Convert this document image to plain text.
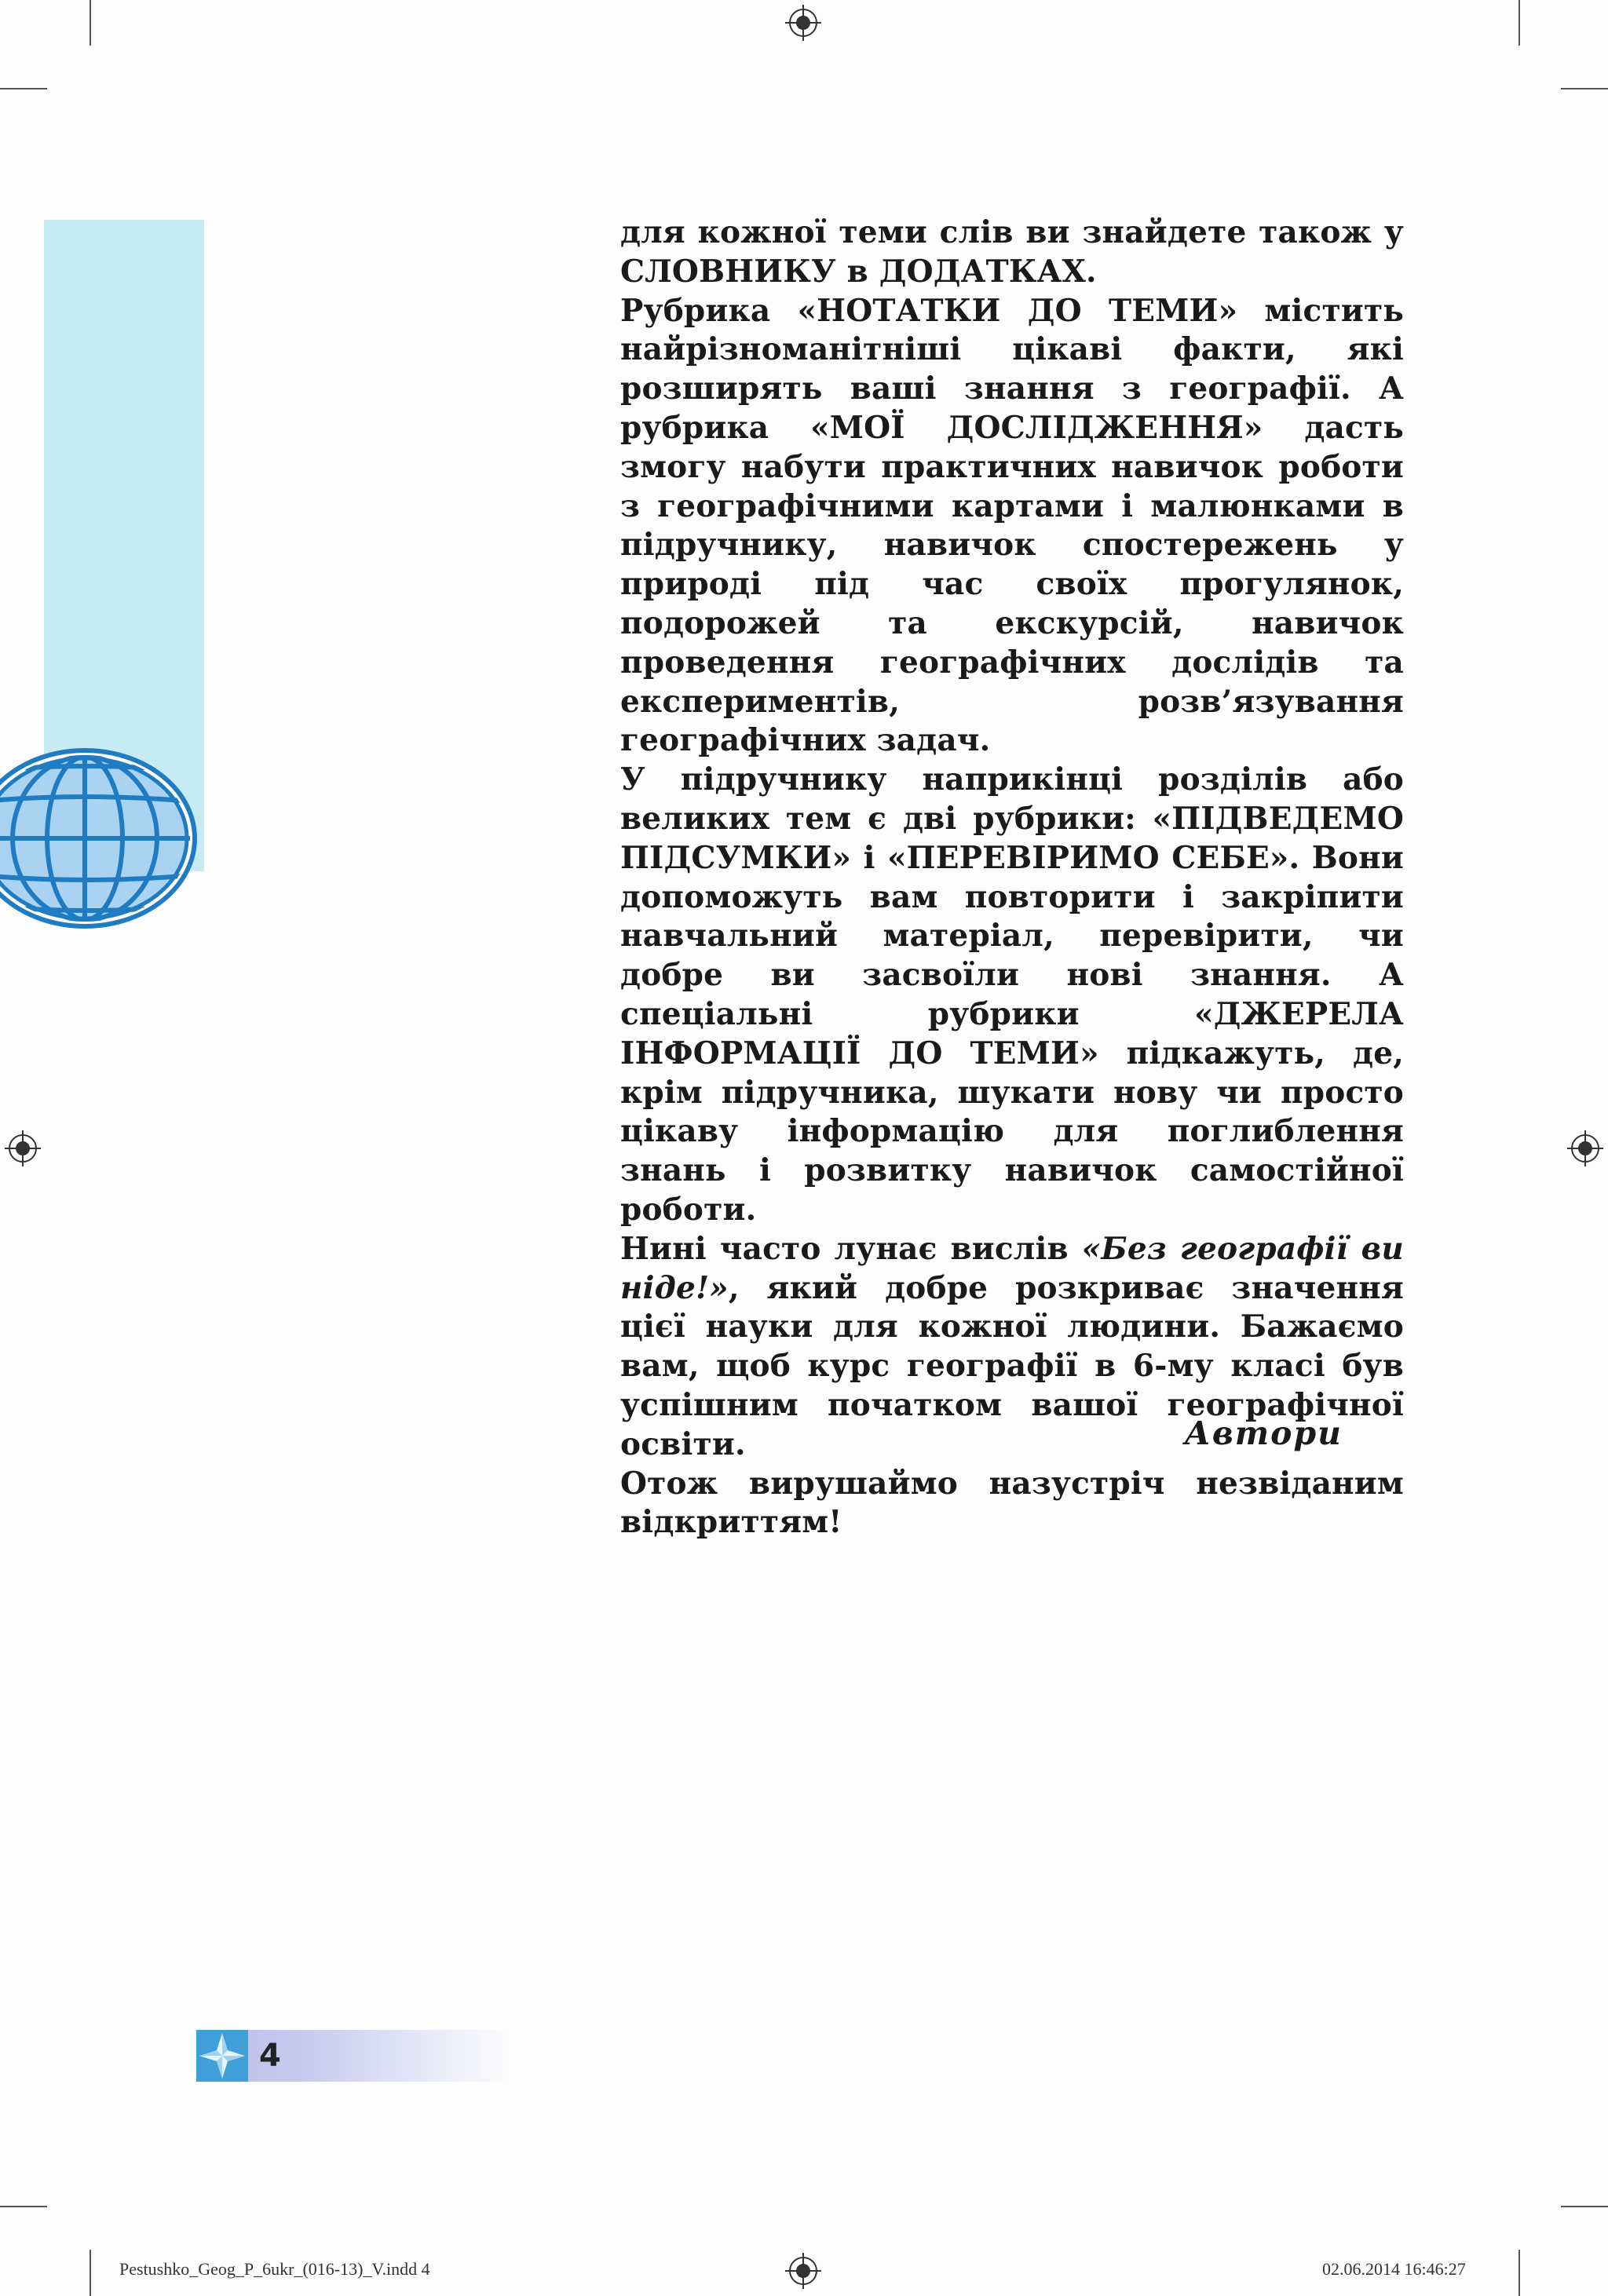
для кожної теми слів ви знайдете також у СЛОВНИКУ в ДОДАТКАХ.

Рубрика «НОТАТКИ ДО ТЕМИ» містить найрізноманітніші цікаві факти, які розширять ваші знання з географії. А рубрика «МОЇ ДОСЛІДЖЕННЯ» дасть змогу набути практичних навичок роботи з географічними картами і малюнками в підручнику, навичок спостережень у природі під час своїх прогулянок, подорожей та екскурсій, навичок проведення географічних дослідів та експериментів, розв’язування географічних задач.

У підручнику наприкінці розділів або великих тем є дві рубрики: «ПІДВЕДЕМО ПІДСУМКИ» і «ПЕРЕВІРИМО СЕБЕ». Вони допоможуть вам повторити і закріпити навчальний матеріал, перевірити, чи добре ви засвоїли нові знання. А спеціальні рубрики «ДЖЕРЕЛА ІНФОРМАЦІЇ ДО ТЕМИ» підкажуть, де, крім підручника, шукати нову чи просто цікаву інформацію для поглиблення знань і розвитку навичок самостійної роботи.

Нині часто лунає вислів «Без географії ви ніде!», який добре розкриває значення цієї науки для кожної людини. Бажаємо вам, щоб курс географії в 6-му класі був успішним початком вашої географічної освіти.

Отож вирушаймо назустріч незвіданим відкриттям!

Автори
4
Pestushko_Geog_P_6ukr_(016-13)_V.indd 4	02.06.2014 16:46:27
